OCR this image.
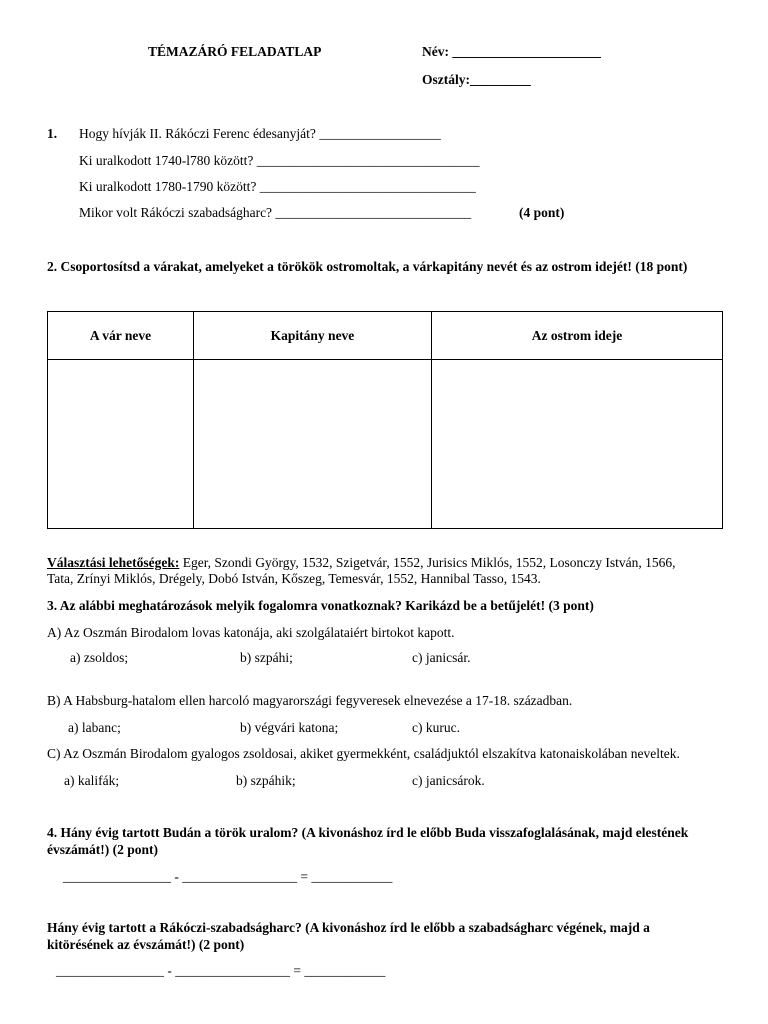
TÉMAZÁRÓ FELADATLAP	Név: ______________________
Osztály:_________
1. Hogy hívják II. Rákóczi Ferenc édesanyját? __________________
Ki uralkodott 1740-l780 között? _________________________________
Ki uralkodott 1780-1790 között? ________________________________
Mikor volt Rákóczi szabadságharc? _____________________________	(4 pont)
2. Csoportosítsd a várakat, amelyeket a törökök ostromoltak, a várkapitány nevét és az ostrom idejét! (18 pont)
A vár neve	Kapitány neve	Az ostrom ideje

Választási lehetőségek: Eger, Szondi György, 1532, Szigetvár, 1552, Jurisics Miklós, 1552, Losonczy István, 1566,
Tata, Zrínyi Miklós, Drégely, Dobó István, Kőszeg, Temesvár, 1552, Hannibal Tasso, 1543.
3. Az alábbi meghatározások melyik fogalomra vonatkoznak? Karikázd be a betűjelét! (3 pont)
A) Az Oszmán Birodalom lovas katonája, aki szolgálataiért birtokot kapott.
a) zsoldos;	b) szpáhi;	c) janicsár.
B) A Habsburg-hatalom ellen harcoló magyarországi fegyveresek elnevezése a 17-18. században.
a) labanc;	b) végvári katona;	c) kuruc.
C) Az Oszmán Birodalom gyalogos zsoldosai, akiket gyermekként, családjuktól elszakítva katonaiskolában neveltek.
a) kalifák;	b) szpáhik;	c) janicsárok.
4. Hány évig tartott Budán a török uralom? (A kivonáshoz írd le előbb Buda visszafoglalásának, majd elestének
évszámát!) (2 pont)
________________ - _________________ = ____________
Hány évig tartott a Rákóczi-szabadságharc? (A kivonáshoz írd le előbb a szabadságharc végének, majd a
kitörésének az évszámát!) (2 pont)
________________ - _________________ = ____________
